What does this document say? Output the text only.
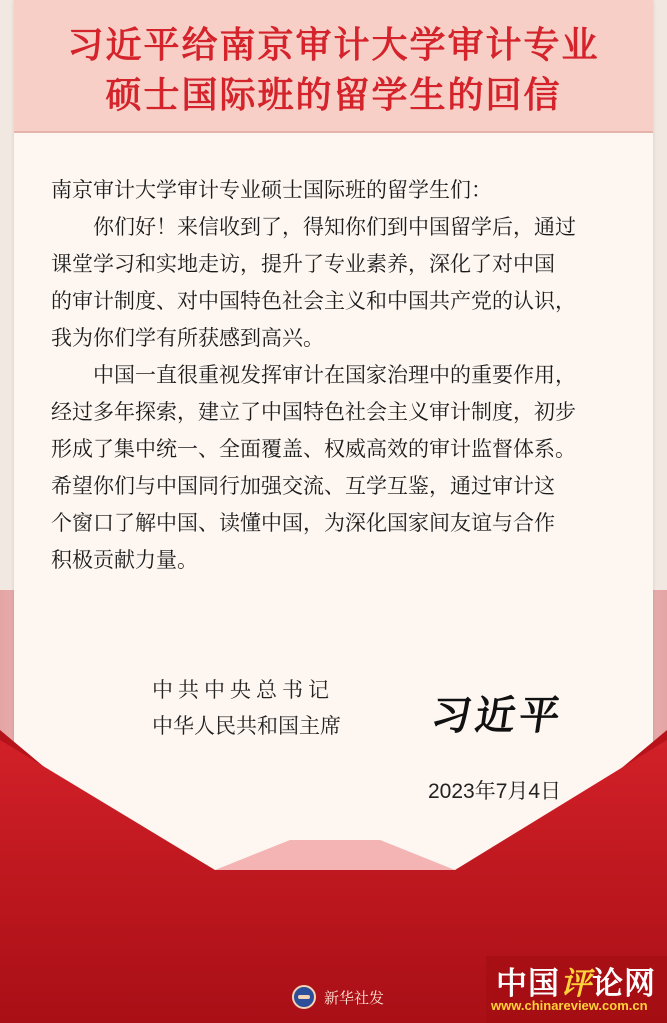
习近平给南京审计大学审计专业
硕士国际班的留学生的回信

南京审计大学审计专业硕士国际班的留学生们：

你们好！来信收到了，得知你们到中国留学后，通过
课堂学习和实地走访，提升了专业素养，深化了对中国
的审计制度、对中国特色社会主义和中国共产党的认识，
我为你们学有所获感到高兴。

中国一直很重视发挥审计在国家治理中的重要作用，
经过多年探索，建立了中国特色社会主义审计制度，初步
形成了集中统一、全面覆盖、权威高效的审计监督体系。
希望你们与中国同行加强交流、互学互鉴，通过审计这
个窗口了解中国、读懂中国，为深化国家间友谊与合作
积极贡献力量。

中共中央总书记
中华人民共和国主席 习近平
2023年7月4日
新华社发	中国评论网
www.chinareview.com.cn
